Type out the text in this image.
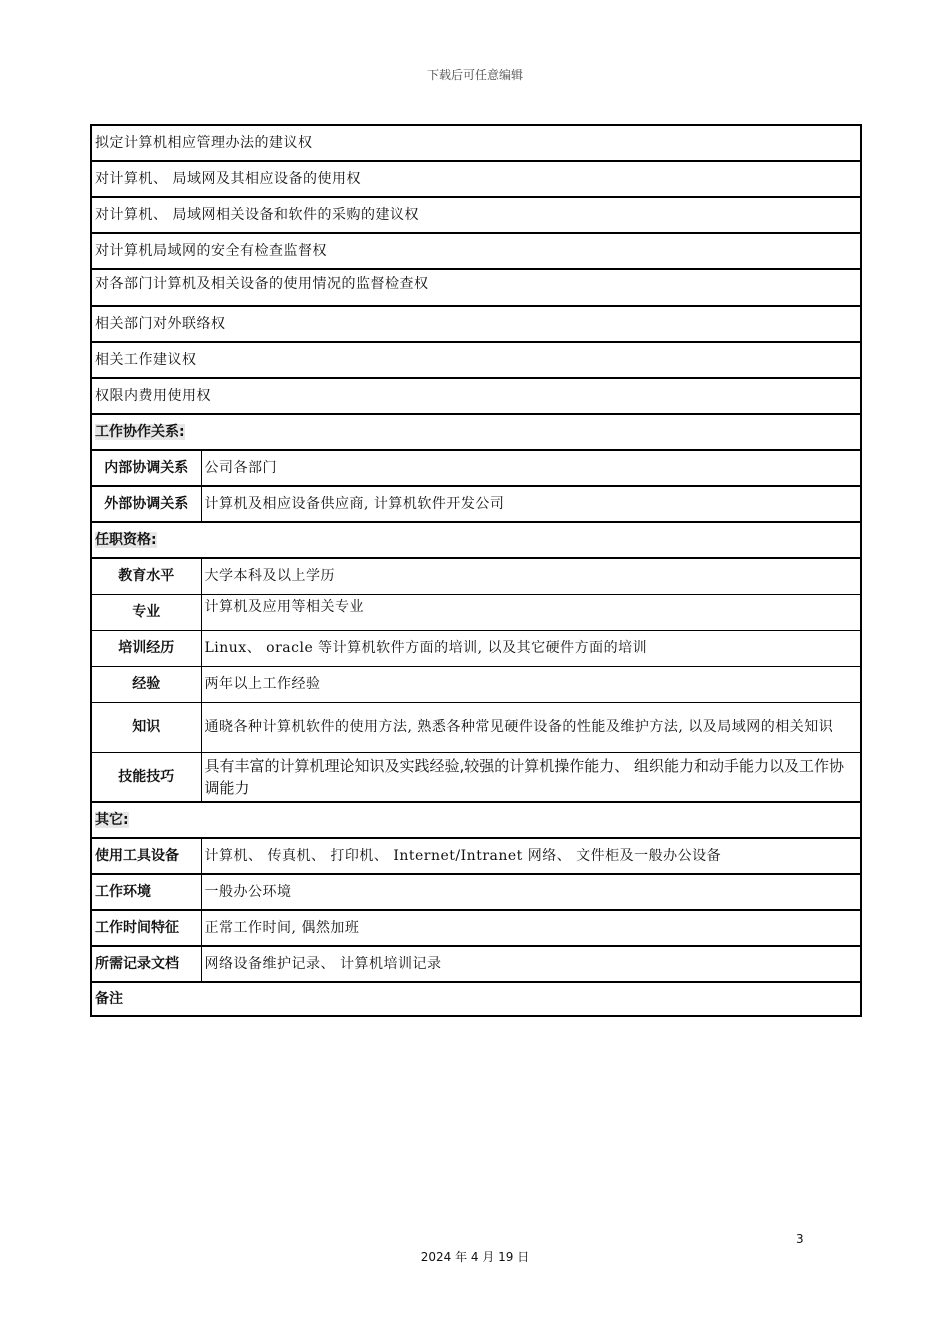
下载后可任意编辑
拟定计算机相应管理办法的建议权	
对计算机、 局域网及其相应设备的使用权	
对计算机、 局域网相关设备和软件的采购的建议权	
对计算机局域网的安全有检查监督权	
对各部门计算机及相关设备的使用情况的监督检查权	
相关部门对外联络权	
相关工作建议权	
权限内费用使用权	
工作协作关系:	
内部协调关系	公司各部门
外部协调关系	计算机及相应设备供应商, 计算机软件开发公司
任职资格:	
教育水平	大学本科及以上学历
专业	计算机及应用等相关专业
培训经历	Linux、 oracle 等计算机软件方面的培训, 以及其它硬件方面的培训
经验	两年以上工作经验
知识	通晓各种计算机软件的使用方法, 熟悉各种常见硬件设备的性能及维护方法, 以及局域网的相关知识
技能技巧	具有丰富的计算机理论知识及实践经验,较强的计算机操作能力、 组织能力和动手能力以及工作协调能力
其它:	
使用工具设备	计算机、 传真机、 打印机、 Internet/Intranet 网络、 文件柜及一般办公设备
工作环境	一般办公环境
工作时间特征	正常工作时间, 偶然加班
所需记录文档	网络设备维护记录、 计算机培训记录
备注	
3
2024 年 4 月 19 日
